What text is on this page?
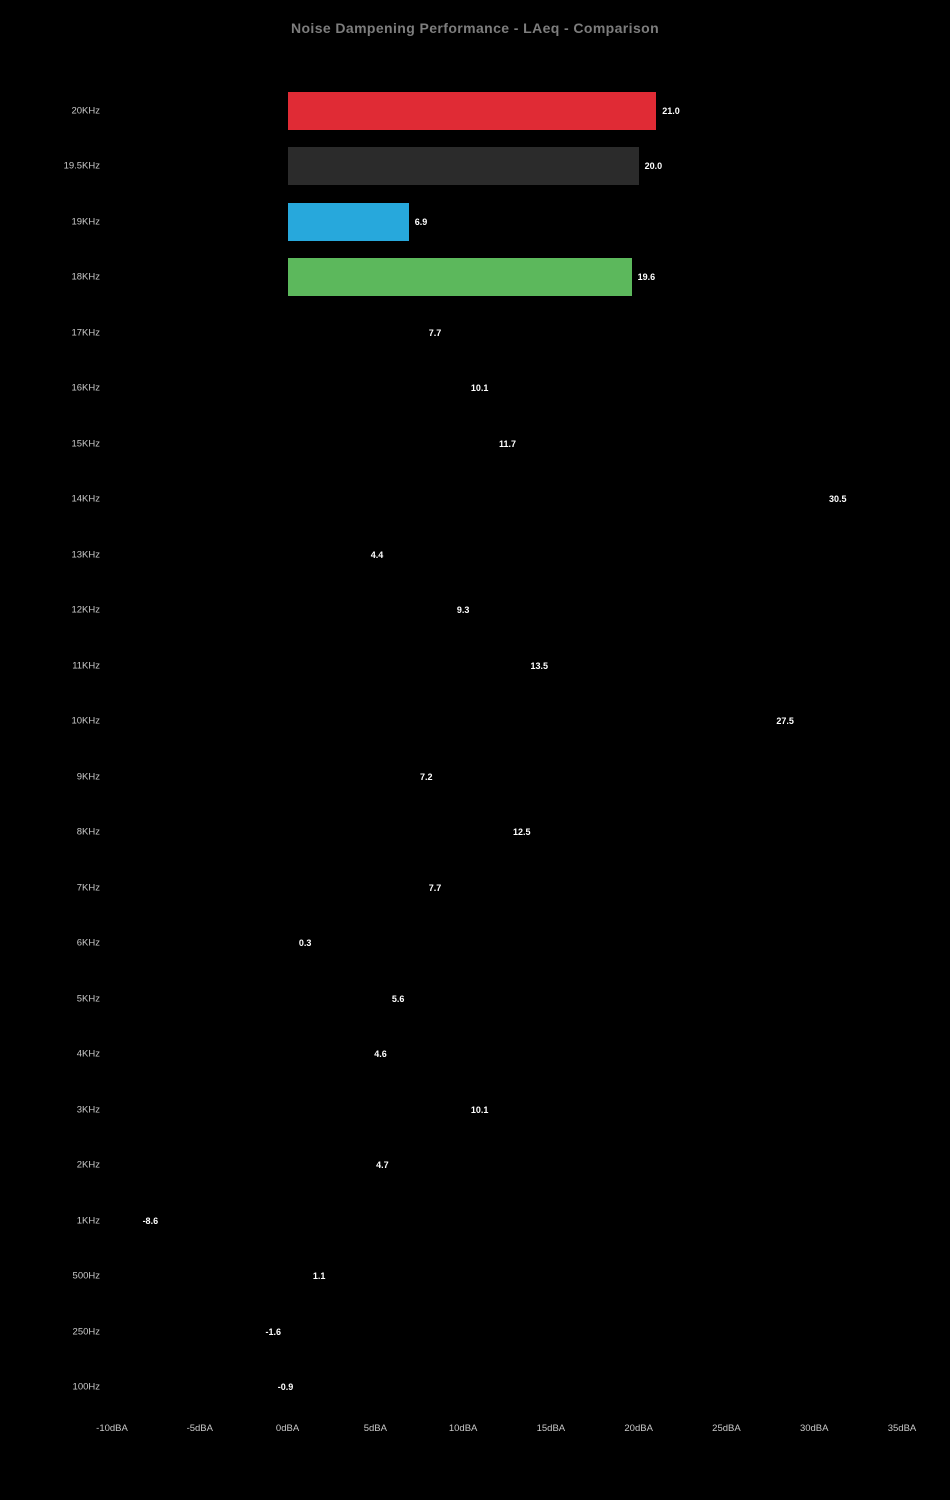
Noise Dampening Performance - LAeq - Comparison
20KHz	21.0
19.5KHz	20.0
19KHz	6.9
18KHz	19.6
17KHz	7.7
16KHz	10.1
15KHz	11.7
14KHz	30.5
13KHz	4.4
12KHz	9.3
11KHz	13.5
10KHz	27.5
9KHz	7.2
8KHz	12.5
7KHz	7.7
6KHz	0.3
5KHz	5.6
4KHz	4.6
3KHz	10.1
2KHz	4.7
1KHz	-8.6
500Hz	1.1
250Hz	-1.6
100Hz	-0.9
-10dBA	-5dBA	0dBA	5dBA	10dBA	15dBA	20dBA	25dBA	30dBA	35dBA
